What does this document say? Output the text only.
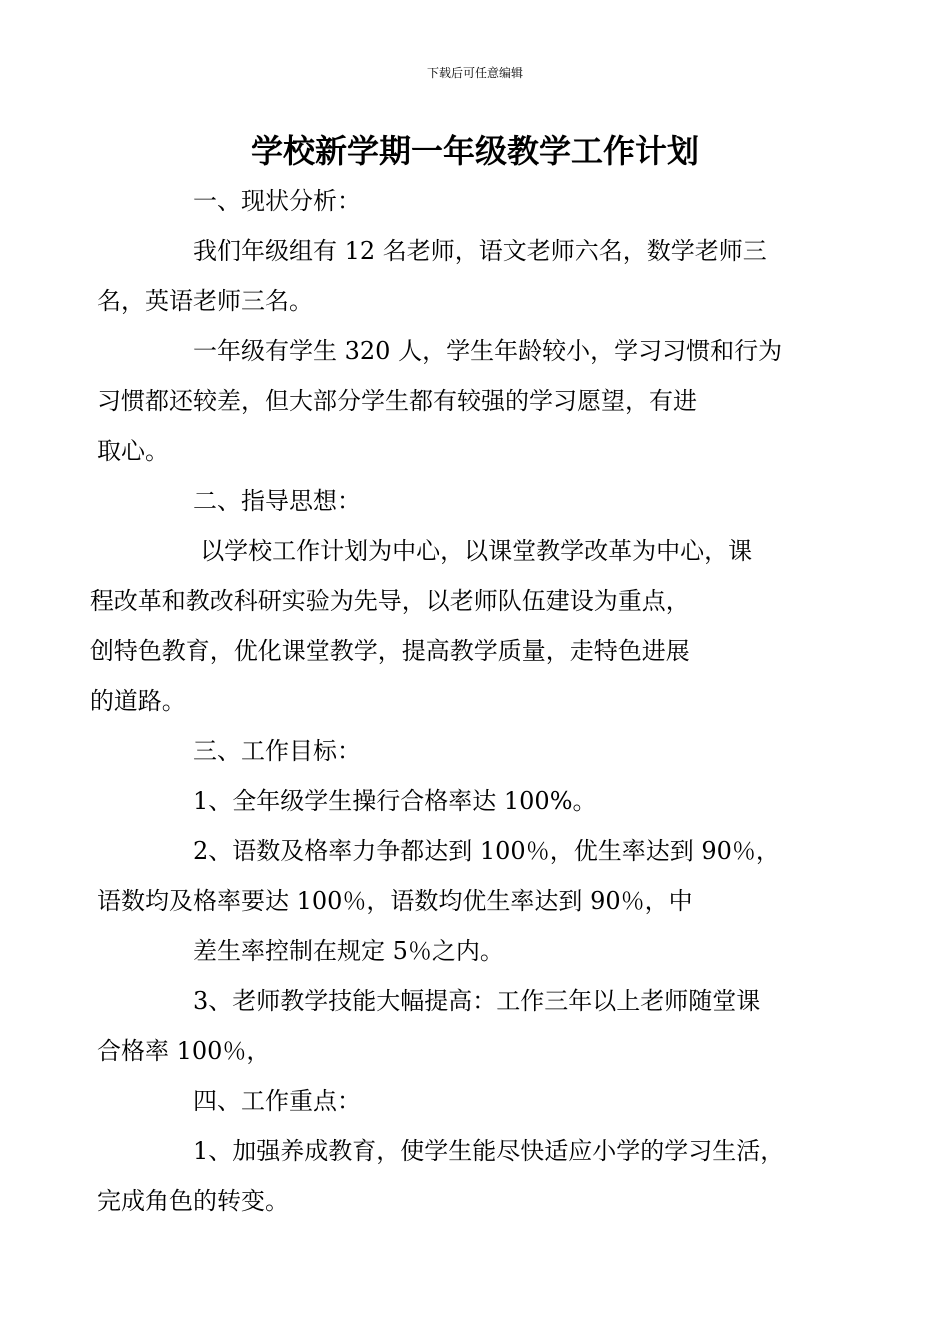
下载后可任意编辑
学校新学期一年级教学工作计划

一、现状分析：

我们年级组有 12 名老师，语文老师六名，数学老师三
名，英语老师三名。

一年级有学生 320 人，学生年龄较小，学习习惯和行为
习惯都还较差，但大部分学生都有较强的学习愿望，有进
取心。

二、指导思想：

以学校工作计划为中心，以课堂教学改革为中心，课
程改革和教改科研实验为先导，以老师队伍建设为重点，
创特色教育，优化课堂教学，提高教学质量，走特色进展
的道路。

三、工作目标：

1、全年级学生操行合格率达 100%。

2、语数及格率力争都达到 100％，优生率达到 90％，
语数均及格率要达 100％，语数均优生率达到 90％，中

差生率控制在规定 5％之内。

3、老师教学技能大幅提高：工作三年以上老师随堂课
合格率 100％，

四、工作重点：

1、加强养成教育，使学生能尽快适应小学的学习生活，
完成角色的转变。
